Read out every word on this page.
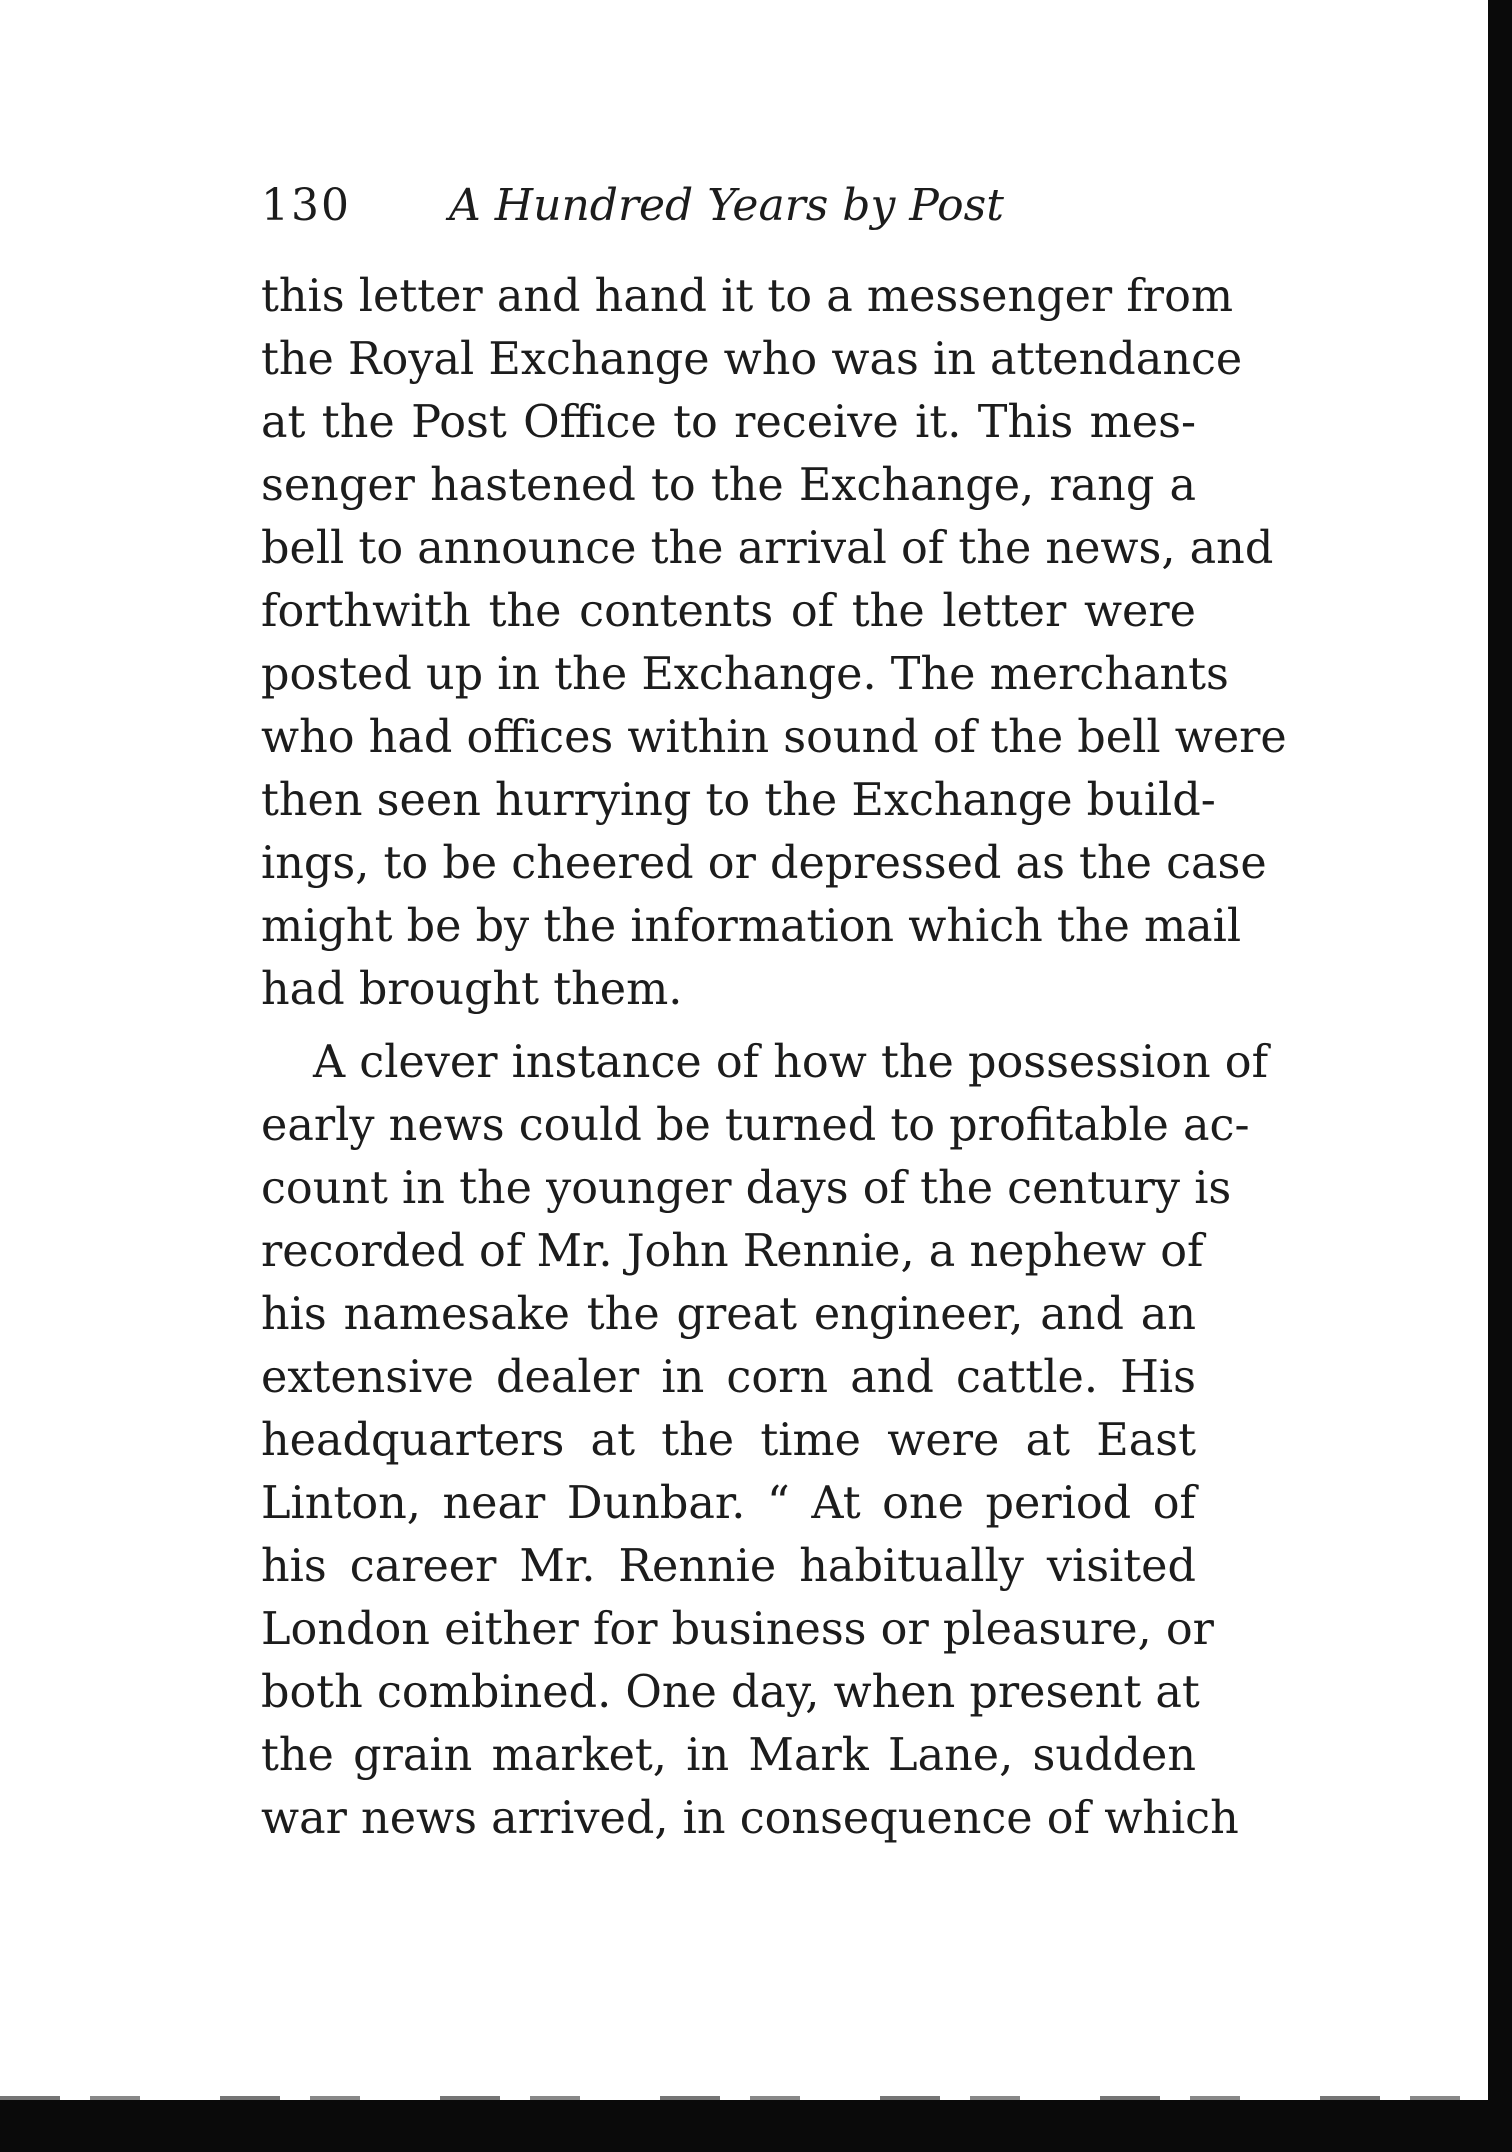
130 A Hundred Years by Post
this letter and hand it to a messenger from
the Royal Exchange who was in attendance
at the Post Office to receive it. This mes-
senger hastened to the Exchange, rang a
bell to announce the arrival of the news, and
forthwith the contents of the letter were
posted up in the Exchange. The merchants
who had offices within sound of the bell were
then seen hurrying to the Exchange build-
ings, to be cheered or depressed as the case
might be by the information which the mail
had brought them.
A clever instance of how the possession of
early news could be turned to profitable ac-
count in the younger days of the century is
recorded of Mr. John Rennie, a nephew of
his namesake the great engineer, and an
extensive dealer in corn and cattle. His
headquarters at the time were at East
Linton, near Dunbar. “ At one period of
his career Mr. Rennie habitually visited
London either for business or pleasure, or
both combined. One day, when present at
the grain market, in Mark Lane, sudden
war news arrived, in consequence of which
